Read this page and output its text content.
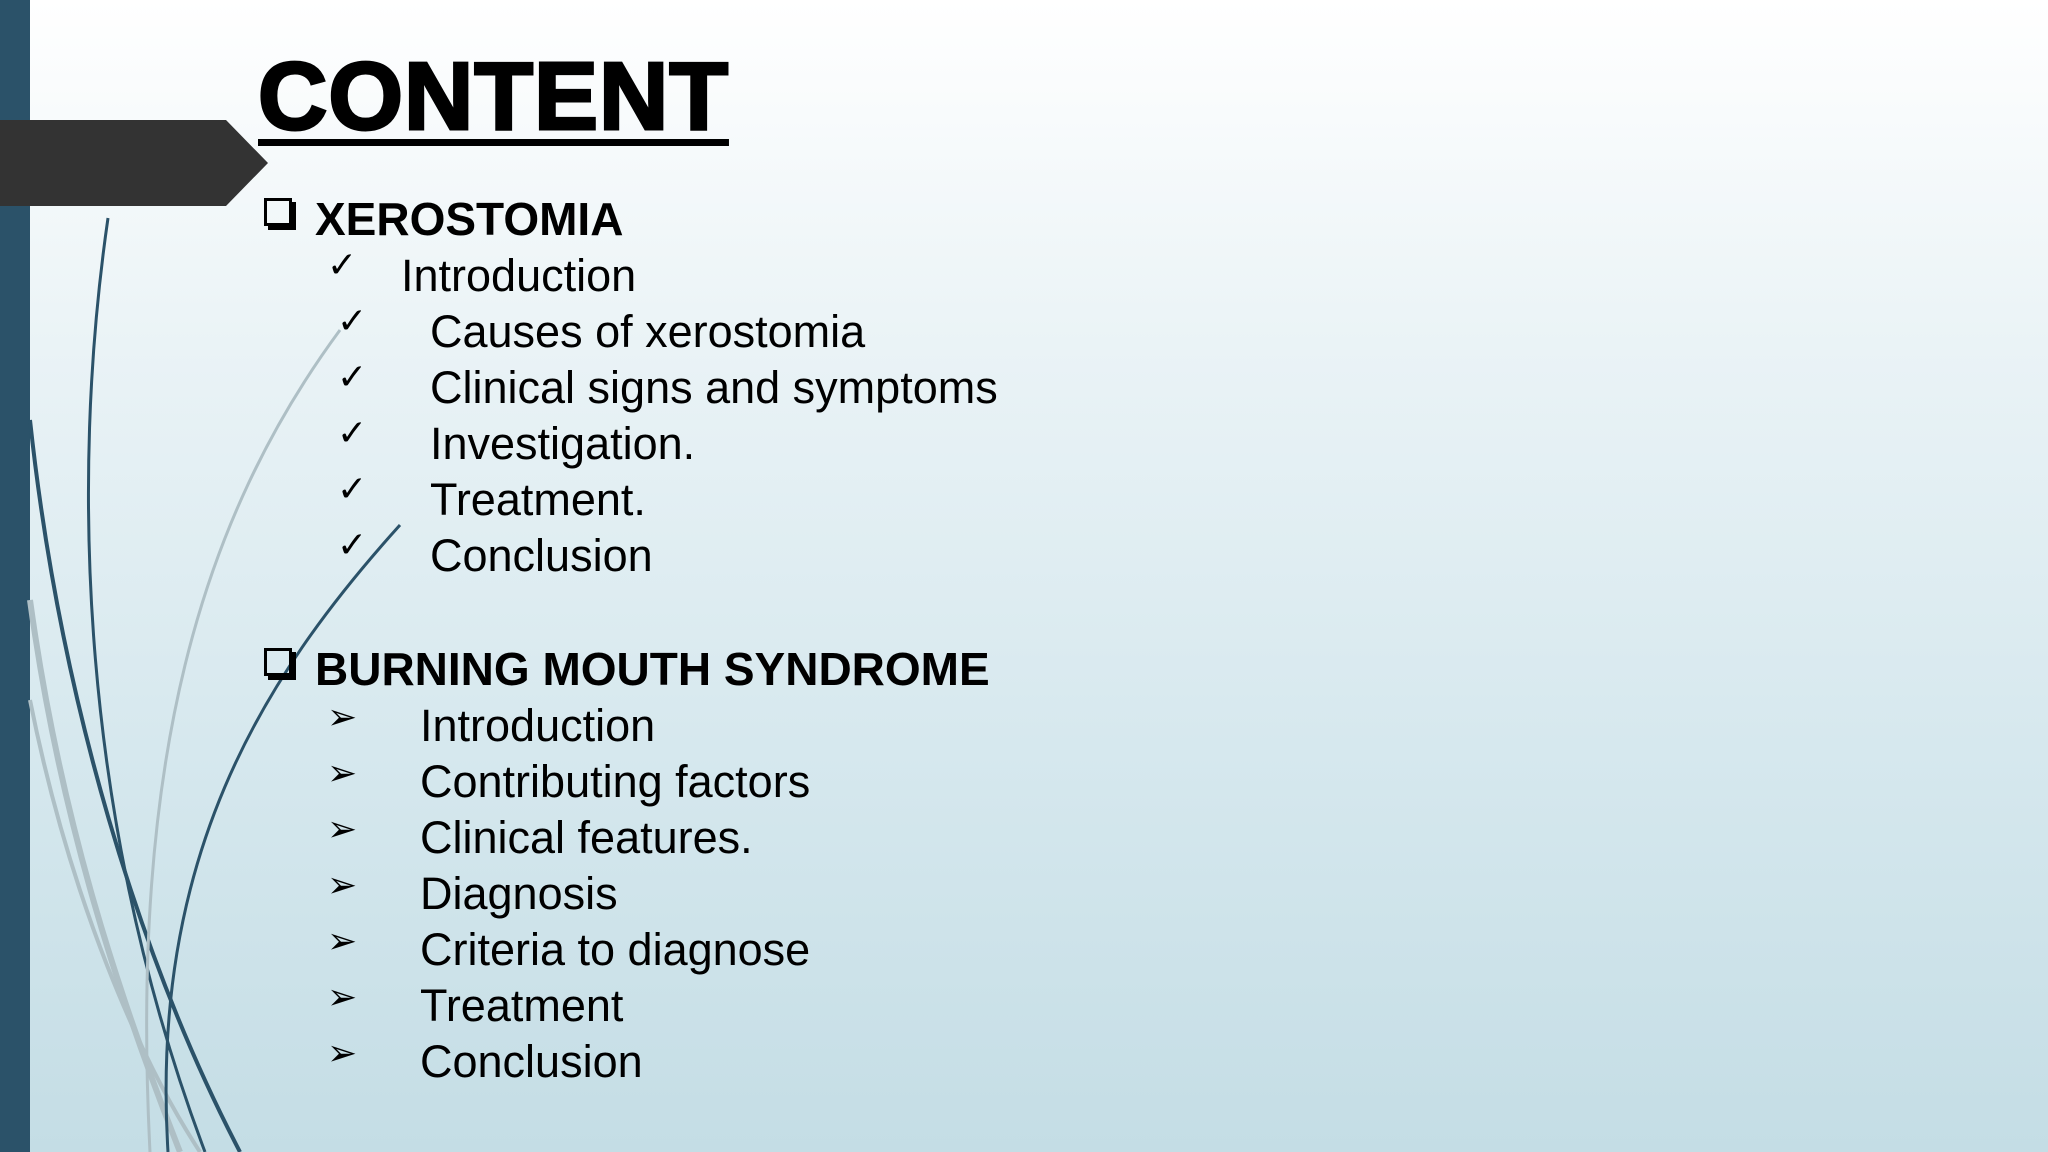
CONTENT
XEROSTOMIA
✓ Introduction
✓ Causes of xerostomia
✓ Clinical signs and symptoms
✓ Investigation.
✓ Treatment.
✓ Conclusion
BURNING MOUTH SYNDROME
➢ Introduction
➢ Contributing factors
➢ Clinical features.
➢ Diagnosis
➢ Criteria to diagnose
➢ Treatment
➢ Conclusion
